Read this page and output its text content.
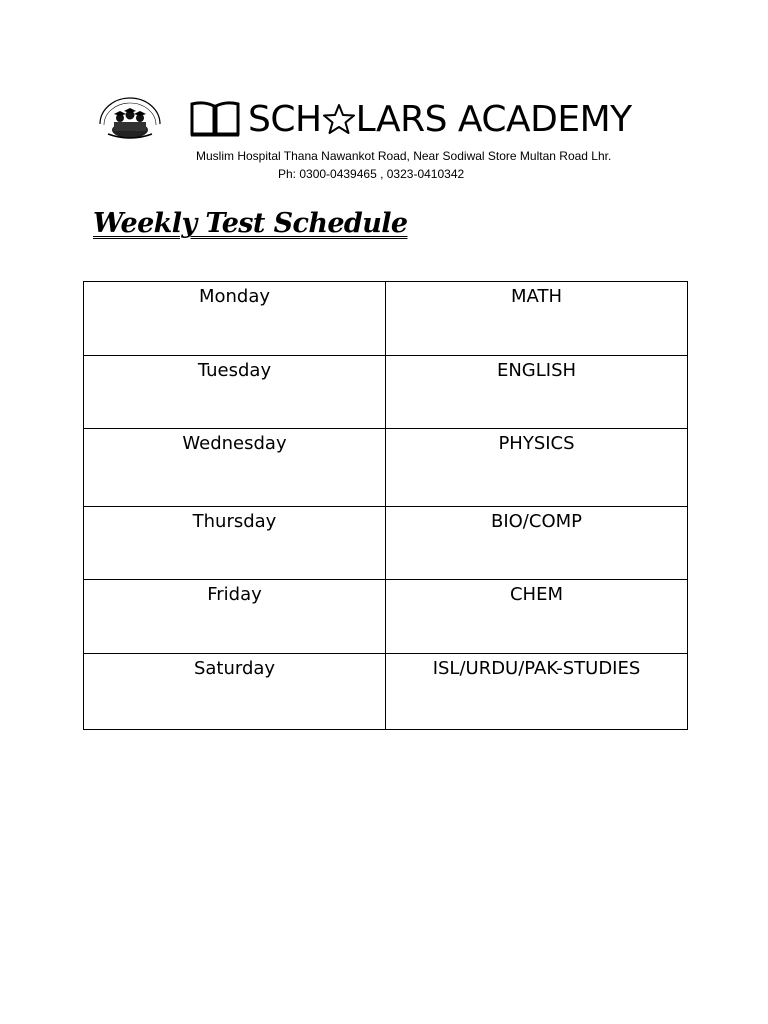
SCH LARS ACADEMY
Muslim Hospital Thana Nawankot Road, Near Sodiwal Store Multan Road Lhr.
Ph: 0300-0439465 , 0323-0410342
Weekly Test Schedule
Monday	MATH
Tuesday	ENGLISH
Wednesday	PHYSICS
Thursday	BIO/COMP
Friday	CHEM
Saturday	ISL/URDU/PAK-STUDIES
